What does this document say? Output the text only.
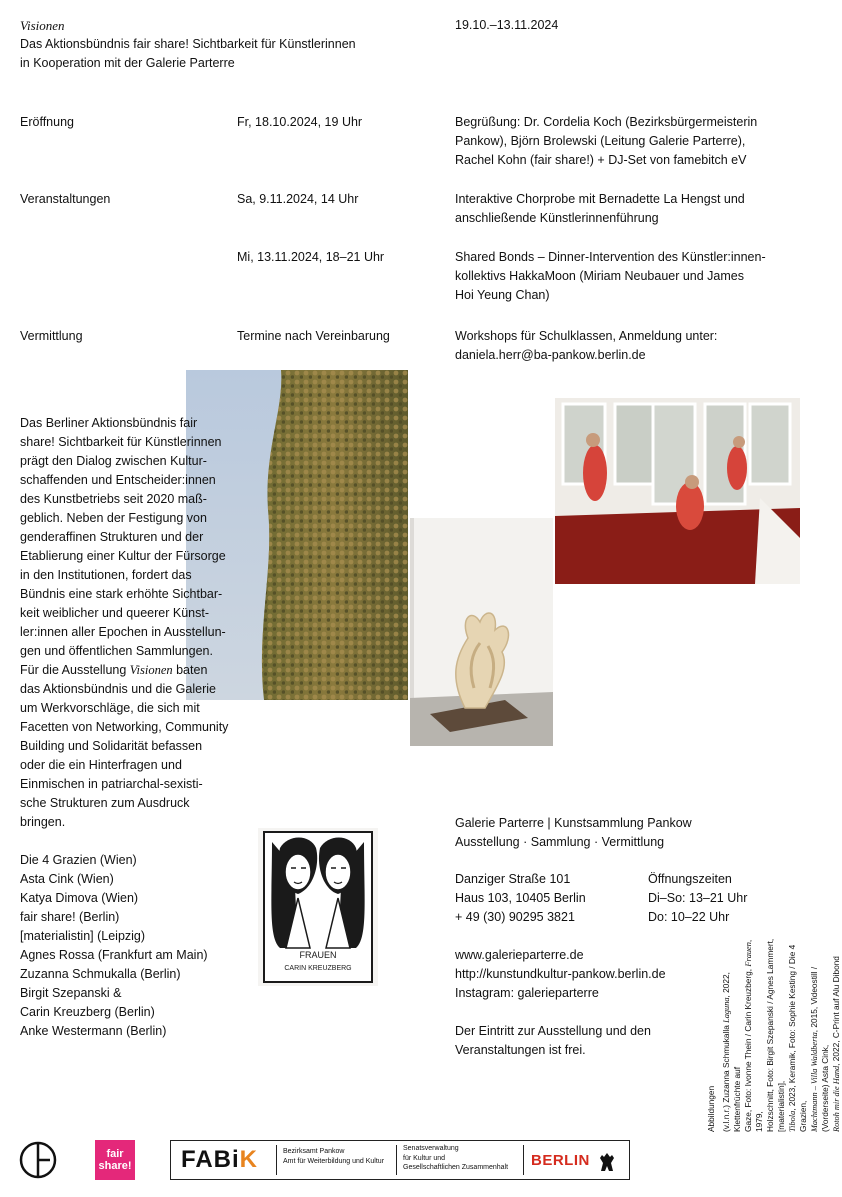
Visionen
Das Aktionsbündnis fair share! Sichtbarkeit für Künstlerinnen
in Kooperation mit der Galerie Parterre
19.10.–13.11.2024
Eröffnung	Fr, 18.10.2024, 19 Uhr	Begrüßung: Dr. Cordelia Koch (Bezirksbürgermeisterin
Pankow), Björn Brolewski (Leitung Galerie Parterre),
Rachel Kohn (fair share!) + DJ-Set von famebitch eV
Veranstaltungen	Sa, 9.11.2024, 14 Uhr	Interaktive Chorprobe mit Bernadette La Hengst und
anschließende Künstlerinnenführung
Mi, 13.11.2024, 18–21 Uhr	Shared Bonds – Dinner-Intervention des Künstler:innen-
kollektivs HakkaMoon (Miriam Neubauer und James
Hoi Yeung Chan)
Vermittlung	Termine nach Vereinbarung	Workshops für Schulklassen, Anmeldung unter:
daniela.herr@ba-pankow.berlin.de
FRAUEN
CARIN KREUZBERG
Das Berliner Aktionsbündnis fair
share! Sichtbarkeit für Künstlerinnen
prägt den Dialog zwischen Kultur-
schaffenden und Entscheider:innen
des Kunstbetriebs seit 2020 maß-
geblich. Neben der Festigung von
genderaffinen Strukturen und der
Etablierung einer Kultur der Fürsorge
in den Institutionen, fordert das
Bündnis eine stark erhöhte Sichtbar-
keit weiblicher und queerer Künst-
ler:innen aller Epochen in Ausstellun-
gen und öffentlichen Sammlungen.
Für die Ausstellung Visionen baten
das Aktionsbündnis und die Galerie
um Werkvorschläge, die sich mit
Facetten von Networking, Community
Building und Solidarität befassen
oder die ein Hinterfragen und
Einmischen in patriarchal-sexisti-
sche Strukturen zum Ausdruck
bringen.
Die 4 Grazien (Wien)
Asta Cink (Wien)
Katya Dimova (Wien)
fair share! (Berlin)
[materialistin] (Leipzig)
Agnes Rossa (Frankfurt am Main)
Zuzanna Schmukalla (Berlin)
Birgit Szepanski &
Carin Kreuzberg (Berlin)
Anke Westermann (Berlin)
Galerie Parterre | Kunstsammlung Pankow
Ausstellung · Sammlung · Vermittlung
Danziger Straße 101
Haus 103, 10405 Berlin
+ 49 (30) 90295 3821
Öffnungszeiten
Di–So: 13–21 Uhr
Do: 10–22 Uhr
www.galerieparterre.de
http://kunstundkultur-pankow.berlin.de
Instagram: galerieparterre
Der Eintritt zur Ausstellung und den
Veranstaltungen ist frei.
Abbildungen (v.l.n.r.) Zuzanna Schmukalla Laguna, 2022, Klettenfrüchte auf Gaze, Foto: Ivonne Thein / Carin Kreuzberg, Frauen, 1979, Holzschnitt, Foto: Birgit Szepanski / Agnes Lammert, [materialistin], Tibola, 2023, Keramik, Foto: Sophie Kesting / Die 4 Grazien, Machtmann – Villa Waldberta, 2015, Videostill / (Vorderseite) Asta Cink, Rotoh mir die Hand, 2022, C-Print auf Alu Dibond
fair
share! FABiK	Bezirksamt Pankow
Amt für Weiterbildung und Kultur
Senatsverwaltung
für Kultur und
Gesellschaftlichen Zusammenhalt BERLIN
